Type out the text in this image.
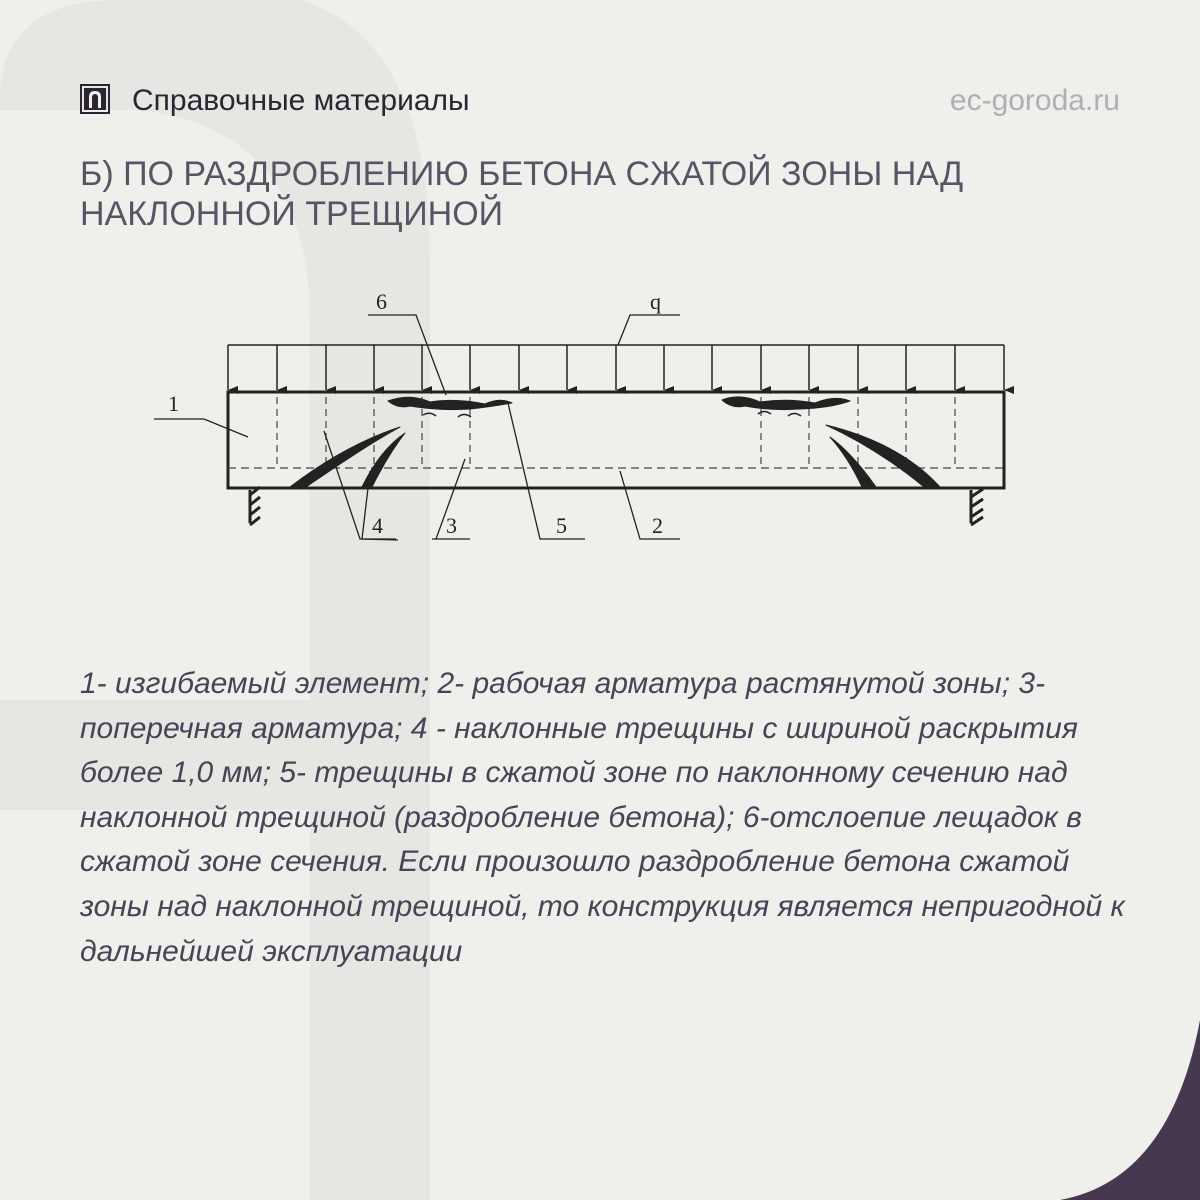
Справочные материалы	ec-goroda.ru
Б) ПО РАЗДРОБЛЕНИЮ БЕТОНА СЖАТОЙ ЗОНЫ НАД НАКЛОННОЙ ТРЕЩИНОЙ
q
6
1
4	3	5	2
1- изгибаемый элемент; 2- рабочая арматура растянутой зоны; 3- поперечная арматура; 4 - наклонные трещины с шириной раскрытия более 1,0 мм; 5- трещины в сжатой зоне по наклонному сечению над наклонной трещиной (раздробление бетона); 6-отслоепие лещадок в сжатой зоне сечения. Если произошло раздробление бетона сжатой зоны над наклонной трещиной, то конструкция является непригодной к дальнейшей эксплуатации
